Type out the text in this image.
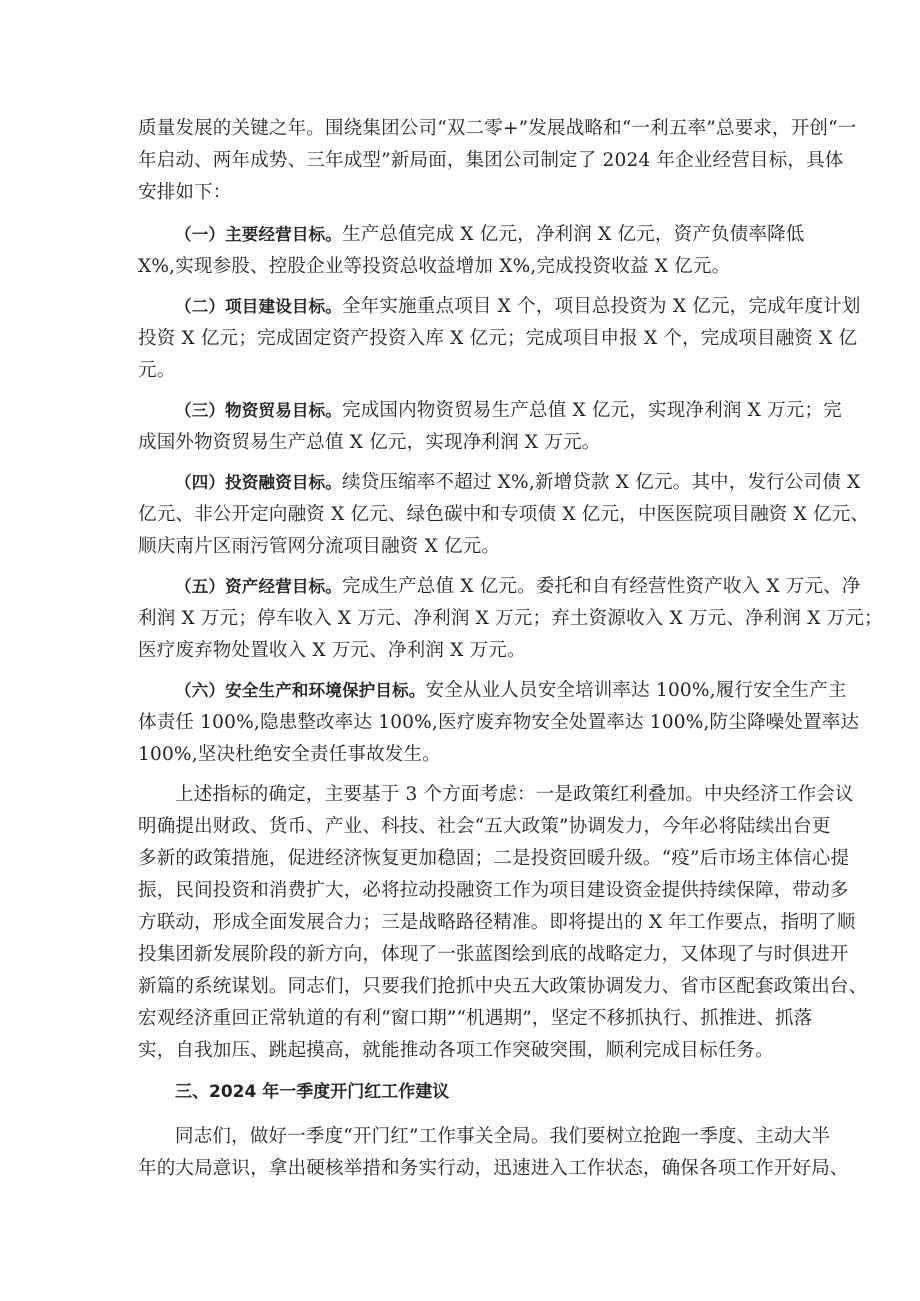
质量发展的关键之年。围绕集团公司“双二零+”发展战略和“一利五率”总要求，开创“一
年启动、两年成势、三年成型”新局面，集团公司制定了 2024 年企业经营目标，具体
安排如下：
（一）主要经营目标。生产总值完成 X 亿元，净利润 X 亿元，资产负债率降低
X%,实现参股、控股企业等投资总收益增加 X%,完成投资收益 X 亿元。
（二）项目建设目标。全年实施重点项目 X 个，项目总投资为 X 亿元，完成年度计划
投资 X 亿元；完成固定资产投资入库 X 亿元；完成项目申报 X 个，完成项目融资 X 亿
元。
（三）物资贸易目标。完成国内物资贸易生产总值 X 亿元，实现净利润 X 万元；完
成国外物资贸易生产总值 X 亿元，实现净利润 X 万元。
（四）投资融资目标。续贷压缩率不超过 X%,新增贷款 X 亿元。其中，发行公司债 X
亿元、非公开定向融资 X 亿元、绿色碳中和专项债 X 亿元，中医医院项目融资 X 亿元、
顺庆南片区雨污管网分流项目融资 X 亿元。
（五）资产经营目标。完成生产总值 X 亿元。委托和自有经营性资产收入 X 万元、净
利润 X 万元；停车收入 X 万元、净利润 X 万元；弃土资源收入 X 万元、净利润 X 万元；
医疗废弃物处置收入 X 万元、净利润 X 万元。
（六）安全生产和环境保护目标。安全从业人员安全培训率达 100%,履行安全生产主
体责任 100%,隐患整改率达 100%,医疗废弃物安全处置率达 100%,防尘降噪处置率达
100%,坚决杜绝安全责任事故发生。
上述指标的确定，主要基于 3 个方面考虑：一是政策红利叠加。中央经济工作会议
明确提出财政、货币、产业、科技、社会“五大政策”协调发力，今年必将陆续出台更
多新的政策措施，促进经济恢复更加稳固；二是投资回暖升级。“疫”后市场主体信心提
振，民间投资和消费扩大，必将拉动投融资工作为项目建设资金提供持续保障，带动多
方联动，形成全面发展合力；三是战略路径精准。即将提出的 X 年工作要点，指明了顺
投集团新发展阶段的新方向，体现了一张蓝图绘到底的战略定力，又体现了与时俱进开
新篇的系统谋划。同志们，只要我们抢抓中央五大政策协调发力、省市区配套政策出台、
宏观经济重回正常轨道的有利“窗口期”“机遇期”，坚定不移抓执行、抓推进、抓落
实，自我加压、跳起摸高，就能推动各项工作突破突围，顺利完成目标任务。
三、2024 年一季度开门红工作建议
同志们，做好一季度“开门红”工作事关全局。我们要树立抢跑一季度、主动大半
年的大局意识，拿出硬核举措和务实行动，迅速进入工作状态，确保各项工作开好局、
